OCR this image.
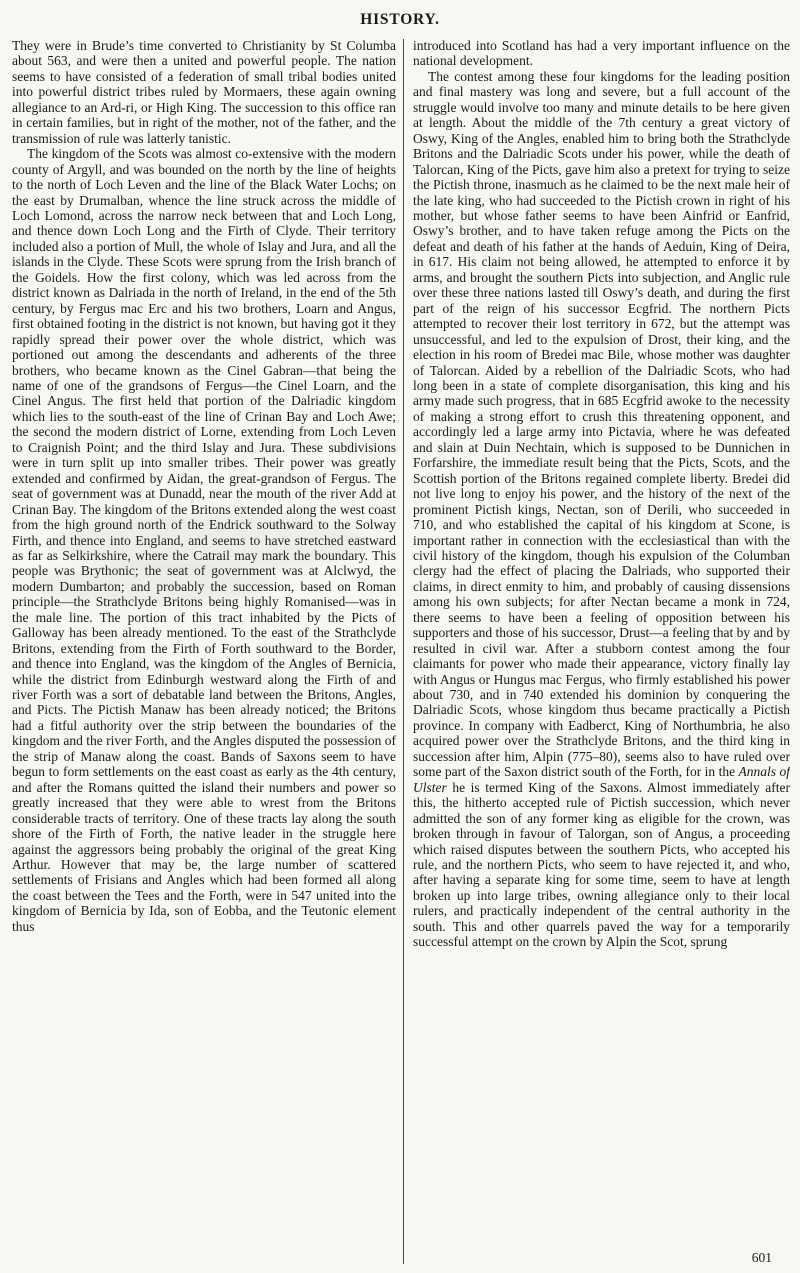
HISTORY.

They were in Brude’s time converted to Christianity by St Columba about 563, and were then a united and powerful people. The nation seems to have consisted of a federation of small tribal bodies united into powerful district tribes ruled by Mormaers, these again owning allegiance to an Ard-ri, or High King. The succession to this office ran in certain families, but in right of the mother, not of the father, and the transmission of rule was latterly tanistic.

The kingdom of the Scots was almost co-extensive with the modern county of Argyll, and was bounded on the north by the line of heights to the north of Loch Leven and the line of the Black Water Lochs; on the east by Drumalban, whence the line struck across the middle of Loch Lomond, across the narrow neck between that and Loch Long, and thence down Loch Long and the Firth of Clyde. Their territory included also a portion of Mull, the whole of Islay and Jura, and all the islands in the Clyde. These Scots were sprung from the Irish branch of the Goidels. How the first colony, which was led across from the district known as Dalriada in the north of Ireland, in the end of the 5th century, by Fergus mac Erc and his two brothers, Loarn and Angus, first obtained footing in the district is not known, but having got it they rapidly spread their power over the whole district, which was portioned out among the descendants and adherents of the three brothers, who became known as the Cinel Gabran—that being the name of one of the grandsons of Fergus—the Cinel Loarn, and the Cinel Angus. The first held that portion of the Dalriadic kingdom which lies to the south-east of the line of Crinan Bay and Loch Awe; the second the modern district of Lorne, extending from Loch Leven to Craignish Point; and the third Islay and Jura. These subdivisions were in turn split up into smaller tribes. Their power was greatly extended and confirmed by Aidan, the great-grandson of Fergus. The seat of government was at Dunadd, near the mouth of the river Add at Crinan Bay. The kingdom of the Britons extended along the west coast from the high ground north of the Endrick southward to the Solway Firth, and thence into England, and seems to have stretched eastward as far as Selkirkshire, where the Catrail may mark the boundary. This people was Brythonic; the seat of government was at Alclwyd, the modern Dumbarton; and probably the succession, based on Roman principle—the Strathclyde Britons being highly Romanised—was in the male line. The portion of this tract inhabited by the Picts of Galloway has been already mentioned. To the east of the Strathclyde Britons, extending from the Firth of Forth southward to the Border, and thence into England, was the kingdom of the Angles of Bernicia, while the district from Edinburgh westward along the Firth of and river Forth was a sort of debatable land between the Britons, Angles, and Picts. The Pictish Manaw has been already noticed; the Britons had a fitful authority over the strip between the boundaries of the kingdom and the river Forth, and the Angles disputed the possession of the strip of Manaw along the coast. Bands of Saxons seem to have begun to form settlements on the east coast as early as the 4th century, and after the Romans quitted the island their numbers and power so greatly increased that they were able to wrest from the Britons considerable tracts of territory. One of these tracts lay along the south shore of the Firth of Forth, the native leader in the struggle here against the aggressors being probably the original of the great King Arthur. However that may be, the large number of scattered settlements of Frisians and Angles which had been formed all along the coast between the Tees and the Forth, were in 547 united into the kingdom of Bernicia by Ida, son of Eobba, and the Teutonic element thus

introduced into Scotland has had a very important influence on the national development.

The contest among these four kingdoms for the leading position and final mastery was long and severe, but a full account of the struggle would involve too many and minute details to be here given at length. About the middle of the 7th century a great victory of Oswy, King of the Angles, enabled him to bring both the Strathclyde Britons and the Dalriadic Scots under his power, while the death of Talorcan, King of the Picts, gave him also a pretext for trying to seize the Pictish throne, inasmuch as he claimed to be the next male heir of the late king, who had succeeded to the Pictish crown in right of his mother, but whose father seems to have been Ainfrid or Eanfrid, Oswy’s brother, and to have taken refuge among the Picts on the defeat and death of his father at the hands of Aeduin, King of Deira, in 617. His claim not being allowed, he attempted to enforce it by arms, and brought the southern Picts into subjection, and Anglic rule over these three nations lasted till Oswy’s death, and during the first part of the reign of his successor Ecgfrid. The northern Picts attempted to recover their lost territory in 672, but the attempt was unsuccessful, and led to the expulsion of Drost, their king, and the election in his room of Bredei mac Bile, whose mother was daughter of Talorcan. Aided by a rebellion of the Dalriadic Scots, who had long been in a state of complete disorganisation, this king and his army made such progress, that in 685 Ecgfrid awoke to the necessity of making a strong effort to crush this threatening opponent, and accordingly led a large army into Pictavia, where he was defeated and slain at Duin Nechtain, which is supposed to be Dunnichen in Forfarshire, the immediate result being that the Picts, Scots, and the Scottish portion of the Britons regained complete liberty. Bredei did not live long to enjoy his power, and the history of the next of the prominent Pictish kings, Nectan, son of Derili, who succeeded in 710, and who established the capital of his kingdom at Scone, is important rather in connection with the ecclesiastical than with the civil history of the kingdom, though his expulsion of the Columban clergy had the effect of placing the Dalriads, who supported their claims, in direct enmity to him, and probably of causing dissensions among his own subjects; for after Nectan became a monk in 724, there seems to have been a feeling of opposition between his supporters and those of his successor, Drust—a feeling that by and by resulted in civil war. After a stubborn contest among the four claimants for power who made their appearance, victory finally lay with Angus or Hungus mac Fergus, who firmly established his power about 730, and in 740 extended his dominion by conquering the Dalriadic Scots, whose kingdom thus became practically a Pictish province. In company with Eadberct, King of Northumbria, he also acquired power over the Strathclyde Britons, and the third king in succession after him, Alpin (775–80), seems also to have ruled over some part of the Saxon district south of the Forth, for in the Annals of Ulster he is termed King of the Saxons. Almost immediately after this, the hitherto accepted rule of Pictish succession, which never admitted the son of any former king as eligible for the crown, was broken through in favour of Talorgan, son of Angus, a proceeding which raised disputes between the southern Picts, who accepted his rule, and the northern Picts, who seem to have rejected it, and who, after having a separate king for some time, seem to have at length broken up into large tribes, owning allegiance only to their local rulers, and practically independent of the central authority in the south. This and other quarrels paved the way for a temporarily successful attempt on the crown by Alpin the Scot, sprung

601
